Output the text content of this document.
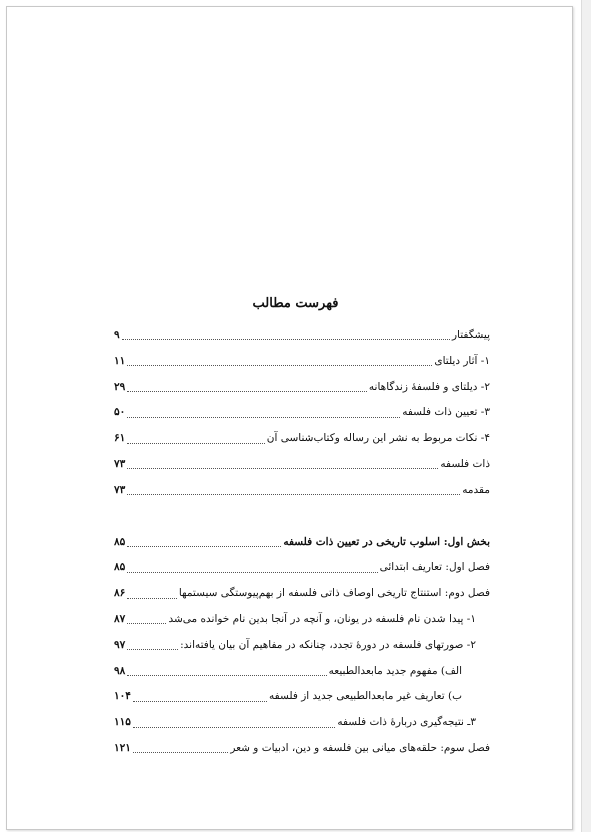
فهرست مطالب
پیشگفتار
۹
۱- آثار دیلتای
۱۱
۲- دیلتای و فلسفهٔ زندگاهانه
۲۹
۳- تعیین ذات فلسفه
۵۰
۴- نکات مربوط به نشر این رساله وکتاب‌شناسی آن
۶۱
ذات فلسفه
۷۳
مقدمه
۷۳
بخش اول: اسلوب تاریخی در تعیین ذات فلسفه
۸۵
فصل اول: تعاریف ابتدائی
۸۵
فصل دوم: استنتاج تاریخی اوصاف ذاتی فلسفه از بهم‌پیوستگی سیستمها
۸۶
۱- پیدا شدن نام فلسفه در یونان، و آنچه در آنجا بدین نام خوانده می‌شد
۸۷
۲- صورتهای فلسفه در دورهٔ تجدد، چنانکه در مفاهیم آن بیان یافته‌اند:
۹۷
الف) مفهوم جدید مابعدالطبیعه
۹۸
ب) تعاریف غیر مابعدالطبیعی جدید از فلسفه
۱۰۴
۳ـ نتیجه‌گیری دربارهٔ ذات فلسفه
۱۱۵
فصل سوم: حلقه‌های میانی بین فلسفه و دین، ادبیات و شعر
۱۲۱
